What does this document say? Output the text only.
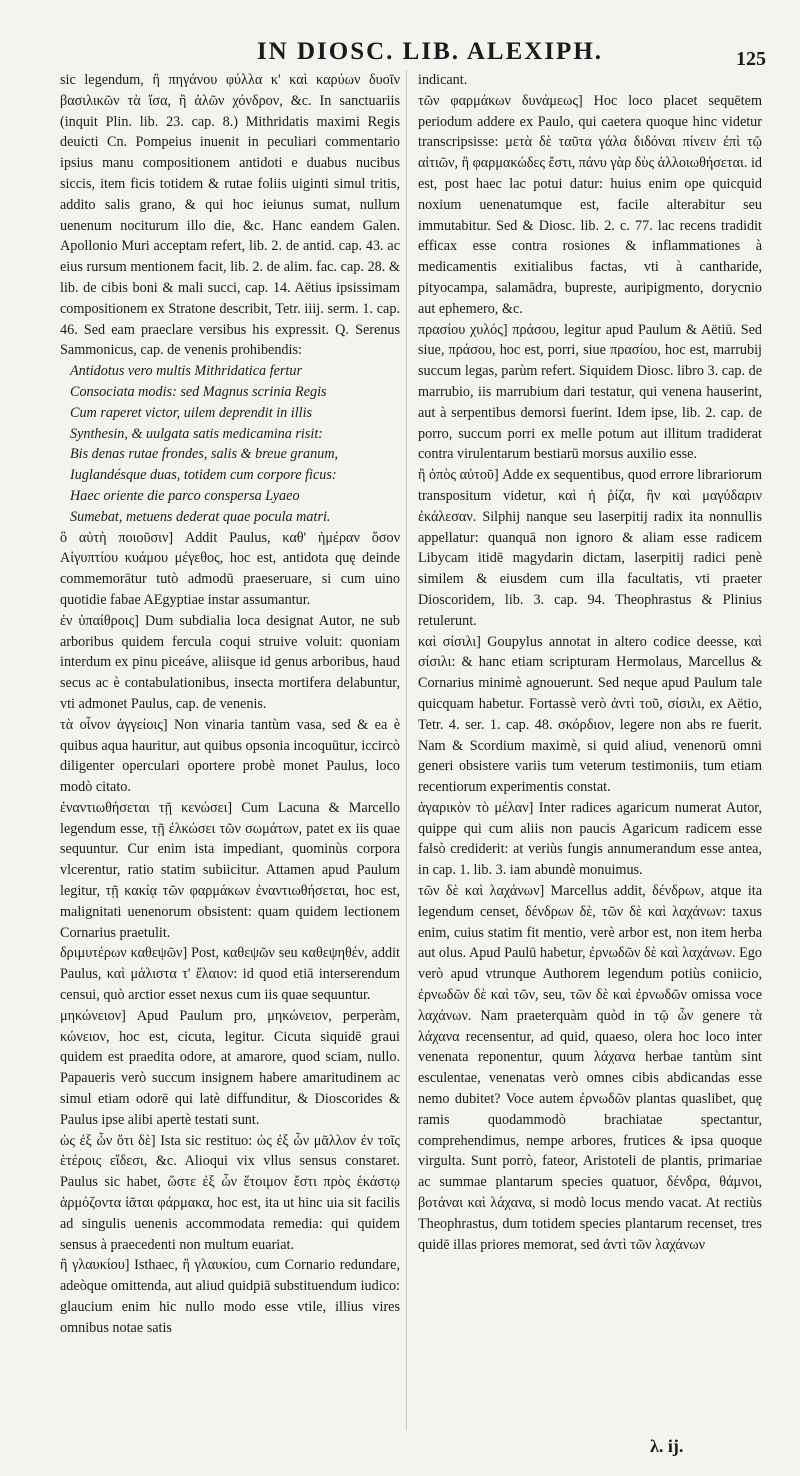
IN DIOSC. LIB. ALEXIPH.	125

sic legendum, ἢ πηγάνου φύλλα κ' καὶ καρύων δυοῖν βασιλικῶν τὰ ἴσα, ἢ ἀλῶν χόνδρον, &c. In sanctuariis (inquit Plin. lib. 23. cap. 8.) Mithridatis maximi Regis deuicti Cn. Pompeius inuenit in peculiari commentario ipsius manu compositionem antidoti e duabus nucibus siccis, item ficis totidem & rutae foliis uiginti simul tritis, addito salis grano, & qui hoc ieiunus sumat, nullum uenenum nociturum illo die, &c. Hanc eandem Galen. Apollonio Muri acceptam refert, lib. 2. de antid. cap. 43. ac eius rursum mentionem facit, lib. 2. de alim. fac. cap. 28. & lib. de cibis boni & mali succi, cap. 14. Aëtius ipsissimam compositionem ex Stratone describit, Tetr. iiij. serm. 1. cap. 46. Sed eam praeclare versibus his expressit. Q. Serenus Sammonicus, cap. de venenis prohibendis:

Antidotus vero multis Mithridatica fertur
Consociata modis: sed Magnus scrinia Regis
Cum raperet victor, uilem deprendit in illis
Synthesin, & uulgata satis medicamina risit:
Bis denas rutae frondes, salis & breue granum,
Iuglandésque duas, totidem cum corpore ficus:
Haec oriente die parco conspersa Lyaeo
Sumebat, metuens dederat quae pocula matri.

ὃ αὐτὴ ποιοῦσιν] Addit Paulus, καθ' ἡμέραν ὅσον Αἰγυπτίου κυάμου μέγεθος, hoc est, antidota quę deinde commemorātur tutò admodū praeseruare, si cum uino quotidie fabae AEgyptiae instar assumantur.

ἐν ὑπαίθροις] Dum subdialia loca designat Autor, ne sub arboribus quidem fercula coqui struive voluit: quoniam interdum ex pinu piceáve, aliisque id genus arboribus, haud secus ac è contabulationibus, insecta mortifera delabuntur, vti admonet Paulus, cap. de venenis.

τὰ οἶνον ἀγγείοις] Non vinaria tantùm vasa, sed & ea è quibus aqua hauritur, aut quibus opsonia incoquūtur, iccircò diligenter operculari oportere probè monet Paulus, loco modò citato.

ἐναντιωθήσεται τῇ κενώσει] Cum Lacuna & Marcello legendum esse, τῇ ἐλκώσει τῶν σωμάτων, patet ex iis quae sequuntur. Cur enim ista impediant, quominùs corpora vlcerentur, ratio statim subiicitur. Attamen apud Paulum legitur, τῇ κακίᾳ τῶν φαρμάκων ἐναντιωθήσεται, hoc est, malignitati uenenorum obsistent: quam quidem lectionem Cornarius praetulit.

δριμυτέρων καθεψῶν] Post, καθεψῶν seu καθεψηθέν, addit Paulus, καὶ μάλιστα τ' ἔλαιον: id quod etiā interserendum censui, quò arctior esset nexus cum iis quae sequuntur.

μηκώνειον] Apud Paulum pro, μηκώνειον, perperàm, κώνειον, hoc est, cicuta, legitur. Cicuta siquidē graui quidem est praedita odore, at amarore, quod sciam, nullo. Papaueris verò succum insignem habere amaritudinem ac simul etiam odorē qui latè diffunditur, & Dioscorides & Paulus ipse alibi apertè testati sunt.

ὡς ἐξ ὧν ὅτι δὲ] Ista sic restituo: ὡς ἐξ ὧν μᾶλλον ἐν τοῖς ἑτέροις εἴδεσι, &c. Alioqui vix vllus sensus constaret. Paulus sic habet, ὥστε ἐξ ὧν ἕτοιμον ἔστι πρὸς ἑκάστῳ ἁρμόζοντα ἰᾶται φάρμακα, hoc est, ita ut hinc uia sit facilis ad singulis uenenis accommodata remedia: qui quidem sensus à praecedenti non multum euariat.

ἢ γλαυκίου] Isthaec, ἢ γλαυκίου, cum Cornario redundare, adeòque omittenda, aut aliud quidpiā substituendum iudico: glaucium enim hic nullo modo esse vtile, illius vires omnibus notae satis

indicant.

τῶν φαρμάκων δυνάμεως] Hoc loco placet sequētem periodum addere ex Paulo, qui caetera quoque hinc videtur transcripsisse: μετὰ δὲ ταῦτα γάλα διδόναι πίνειν ἐπὶ τῷ αἰτιῶν, ἢ φαρμακώδες ἔστι, πάνυ γὰρ δὺς ἀλλοιωθήσεται. id est, post haec lac potui datur: huius enim ope quicquid noxium uenenatumque est, facile alterabitur seu immutabitur. Sed & Diosc. lib. 2. c. 77. lac recens tradidit efficax esse contra rosiones & inflammationes à medicamentis exitialibus factas, vti à cantharide, pityocampa, salamādra, bupreste, auripigmento, dorycnio aut ephemero, &c.

πρασίου χυλός] πράσου, legitur apud Paulum & Aëtiū. Sed siue, πράσου, hoc est, porri, siue πρασίου, hoc est, marrubij succum legas, parùm refert. Siquidem Diosc. libro 3. cap. de marrubio, iis marrubium dari testatur, qui venena hauserint, aut à serpentibus demorsi fuerint. Idem ipse, lib. 2. cap. de porro, succum porri ex melle potum aut illitum tradiderat contra virulentarum bestiarū morsus auxilio esse.

ἢ ὀπὸς αὐτοῦ] Adde ex sequentibus, quod errore librariorum transpositum videtur, καὶ ἡ ῥίζα, ἣν καὶ μαγύδαριν ἐκάλεσαν. Silphij nanque seu laserpitij radix ita nonnullis appellatur: quanquā non ignoro & aliam esse radicem Libycam itidē magydarin dictam, laserpitij radici penè similem & eiusdem cum illa facultatis, vti praeter Dioscoridem, lib. 3. cap. 94. Theophrastus & Plinius retulerunt.

καὶ σίσιλι] Goupylus annotat in altero codice deesse, καὶ σίσιλι: & hanc etiam scripturam Hermolaus, Marcellus & Cornarius minimè agnouerunt. Sed neque apud Paulum tale quicquam habetur. Fortassè verò ἀντὶ τοῦ, σίσιλι, ex Aëtio, Tetr. 4. ser. 1. cap. 48. σκόρδιον, legere non abs re fuerit. Nam & Scordium maximè, si quid aliud, venenorū omni generi obsistere variis tum veterum testimoniis, tum etiam recentiorum experimentis constat.

ἀγαρικὸν τὸ μέλαν] Inter radices agaricum numerat Autor, quippe qui cum aliis non paucis Agaricum radicem esse falsò crediderit: at veriùs fungis annumerandum esse antea, in cap. 1. lib. 3. iam abundè monuimus.

τῶν δὲ καὶ λαχάνων] Marcellus addit, δένδρων, atque ita legendum censet, δένδρων δὲ, τῶν δὲ καὶ λαχάνων: taxus enim, cuius statim fit mentio, verè arbor est, non item herba aut olus. Apud Paulū habetur, ἐρνωδῶν δὲ καὶ λαχάνων. Ego verò apud vtrunque Authorem legendum potiùs coniicio, ἐρνωδῶν δὲ καὶ τῶν, seu, τῶν δὲ καὶ ἐρνωδῶν omissa voce λαχάνων. Nam praeterquàm quòd in τῷ ὧν genere τὰ λάχανα recensentur, ad quid, quaeso, olera hoc loco inter venenata reponentur, quum λάχανα herbae tantùm sint esculentae, venenatas verò omnes cibis abdicandas esse nemo dubitet? Voce autem ἐρνωδῶν plantas quaslibet, quę ramis quodammodò brachiatae spectantur, comprehendimus, nempe arbores, frutices & ipsa quoque virgulta. Sunt porrò, fateor, Aristoteli de plantis, primariae ac summae plantarum species quatuor, δένδρα, θάμνοι, βοτάναι καὶ λάχανα, si modò locus mendo vacat. At rectiùs Theophrastus, dum totidem species plantarum recenset, tres quidē illas priores memorat, sed ἀντὶ τῶν λαχάνων

λ. ij.
